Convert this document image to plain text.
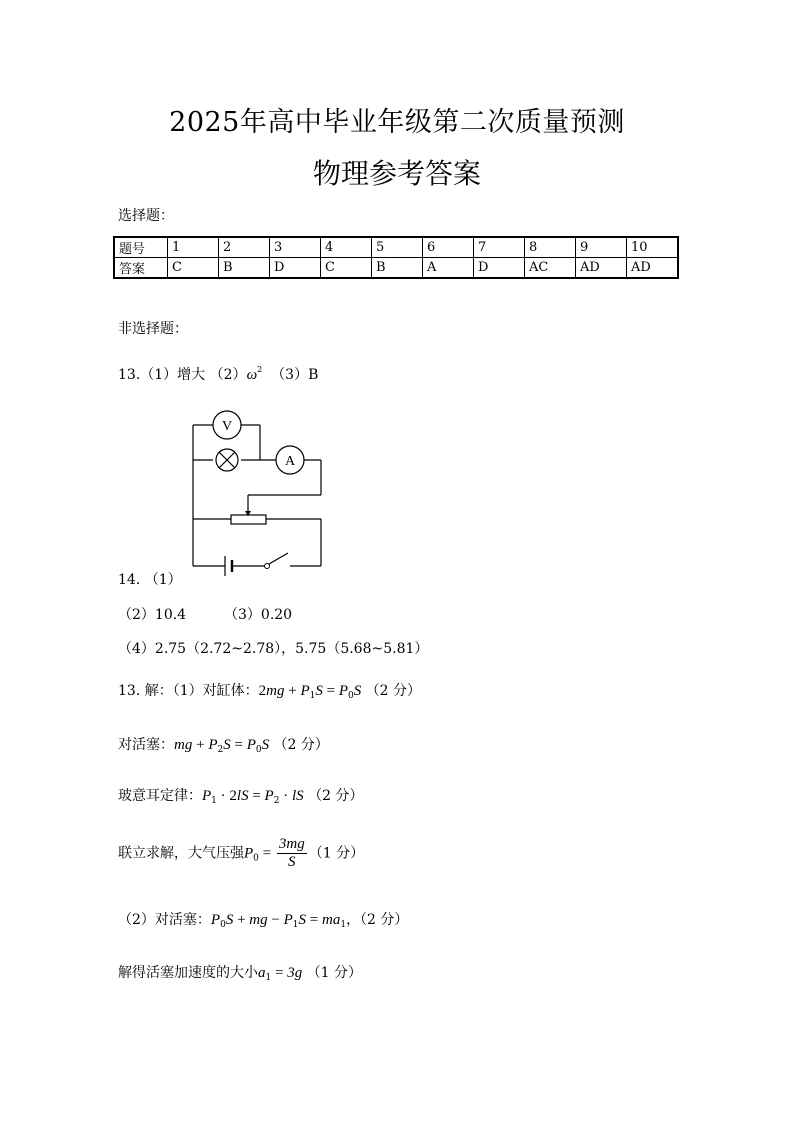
2025年高中毕业年级第二次质量预测
物理参考答案
选择题：
题号	1	2	3	4	5	6	7	8	9	10
答案	C	B	D	C	B	A	D	AC	AD	AD
非选择题：
13.（1）增大 $(2)\omega^2$ （3）B
V
A
14. （1）
（2）10.4	（3）0.20
（4）2.75（2.72~2.78），5.75（5.68~5.81）
13. 解：（1）对缸体：$2mg + P_1S = P_0S$ （2 分）
对活塞：mg + $P_2S = P_0S$ （2 分）
玻意耳定律：$P_1 \cdot 2lS = P_2$ · lS （2 分）
联立求解，大气压强$P_0 = \frac{3mg}{S} (1$ 分）
（2）对活塞：$P_0S$ + mg − $P_1S = ma_1$，（2 分）
解得活塞加速度的大小$a_1 = 3g$ （1 分）
